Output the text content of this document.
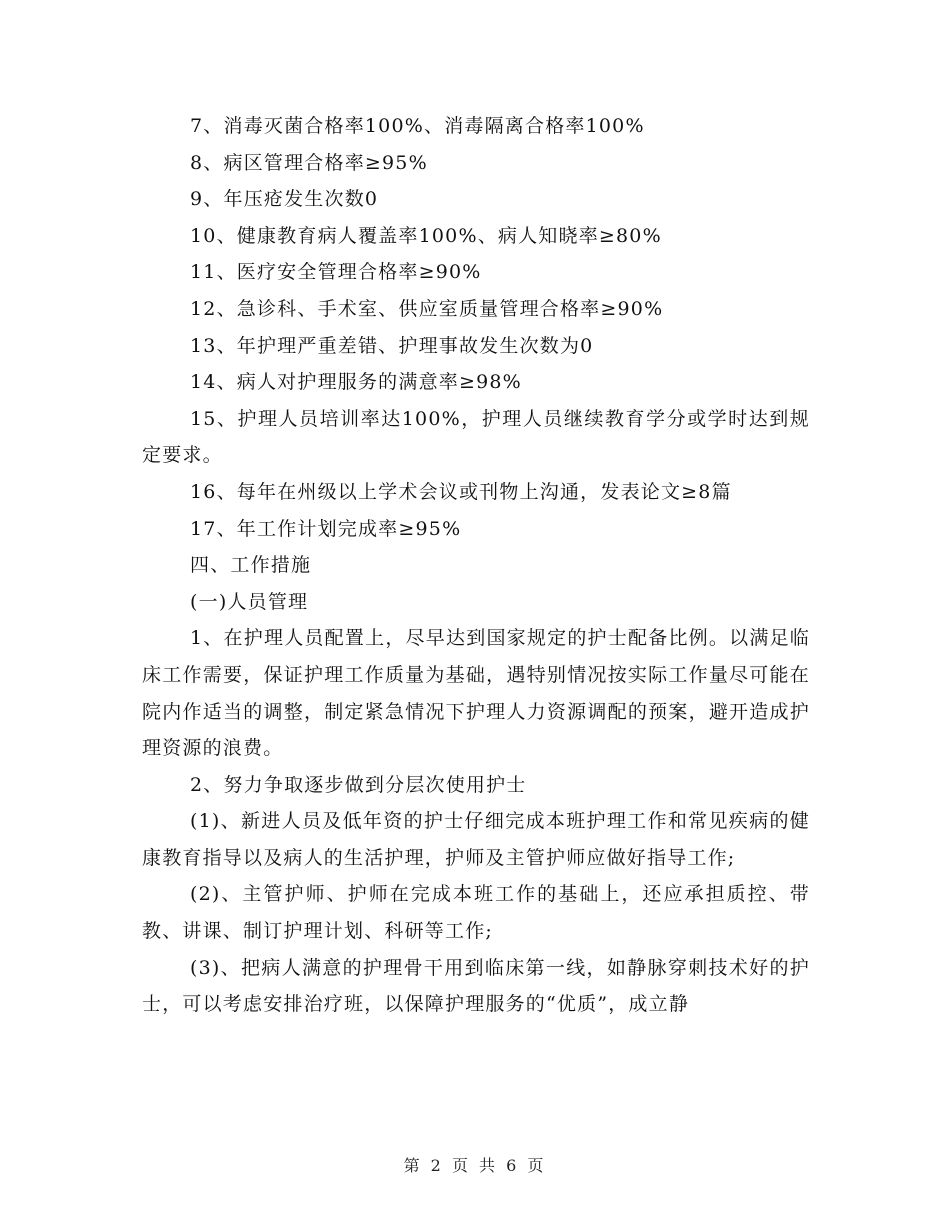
7、消毒灭菌合格率100%、消毒隔离合格率100%

8、病区管理合格率≥95%

9、年压疮发生次数0

10、健康教育病人覆盖率100%、病人知晓率≥80%

11、医疗安全管理合格率≥90%

12、急诊科、手术室、供应室质量管理合格率≥90%

13、年护理严重差错、护理事故发生次数为0

14、病人对护理服务的满意率≥98%

15、护理人员培训率达100%，护理人员继续教育学分或学时达到规定要求。

16、每年在州级以上学术会议或刊物上沟通，发表论文≥8篇

17、年工作计划完成率≥95%

四、工作措施

(一)人员管理

1、在护理人员配置上，尽早达到国家规定的护士配备比例。以满足临床工作需要，保证护理工作质量为基础，遇特别情况按实际工作量尽可能在院内作适当的调整，制定紧急情况下护理人力资源调配的预案，避开造成护理资源的浪费。

2、努力争取逐步做到分层次使用护士

(1)、新进人员及低年资的护士仔细完成本班护理工作和常见疾病的健康教育指导以及病人的生活护理，护师及主管护师应做好指导工作;

(2)、主管护师、护师在完成本班工作的基础上，还应承担质控、带教、讲课、制订护理计划、科研等工作;

(3)、把病人满意的护理骨干用到临床第一线，如静脉穿刺技术好的护士，可以考虑安排治疗班，以保障护理服务的“优质”，成立静

第 2 页 共 6 页
